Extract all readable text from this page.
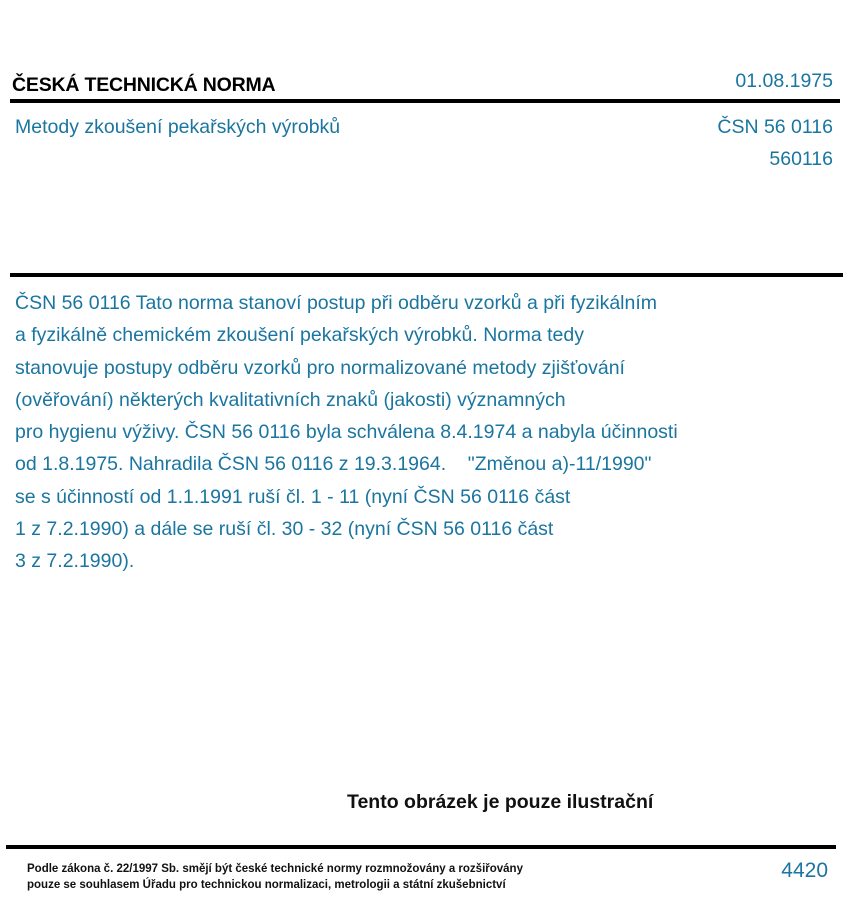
ČESKÁ TECHNICKÁ NORMA	01.08.1975
Metody zkoušení pekařských výrobků	ČSN 56 0116
560116
ČSN 56 0116 Tato norma stanoví postup při odběru vzorků a při fyzikálním
a fyzikálně chemickém zkoušení pekařských výrobků. Norma tedy
stanovuje postupy odběru vzorků pro normalizované metody zjišťování
(ověřování) některých kvalitativních znaků (jakosti) významných
pro hygienu výživy. ČSN 56 0116 byla schválena 8.4.1974 a nabyla účinnosti
od 1.8.1975. Nahradila ČSN 56 0116 z 19.3.1964.    "Změnou a)-11/1990"
se s účinností od 1.1.1991 ruší čl. 1 - 11 (nyní ČSN 56 0116 část
1 z 7.2.1990) a dále se ruší čl. 30 - 32 (nyní ČSN 56 0116 část
3 z 7.2.1990).
Tento obrázek je pouze ilustrační
Podle zákona č. 22/1997 Sb. smějí být české technické normy rozmnožovány a rozšiřovány
pouze se souhlasem Úřadu pro technickou normalizaci, metrologii a státní zkušebnictví
4420
